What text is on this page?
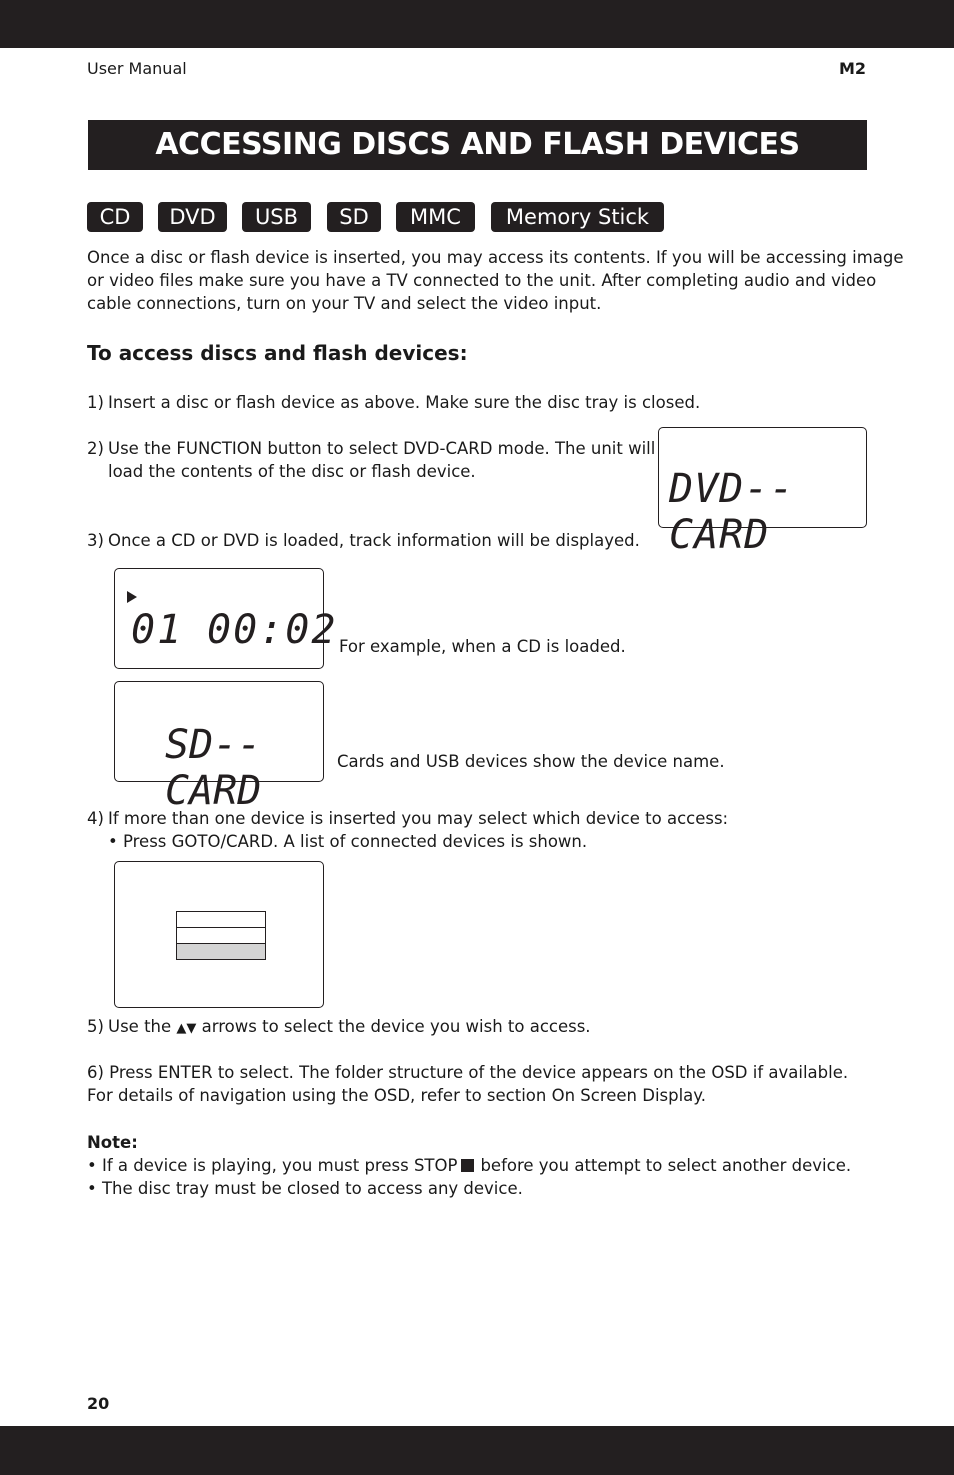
User Manual	M2
ACCESSING DISCS AND FLASH DEVICES
CD	DVD	USB	SD	MMC	Memory Stick
Once a disc or flash device is inserted, you may access its contents. If you will be accessing image
or video files make sure you have a TV connected to the unit. After completing audio and video
cable connections, turn on your TV and select the video input.
To access discs and flash devices:
1) Insert a disc or flash device as above. Make sure the disc tray is closed.
2) Use the FUNCTION button to select DVD-CARD mode. The unit will
load the contents of the disc or flash device.	DVD--CARD
3) Once a CD or DVD is loaded, track information will be displayed.
01 00:02 For example, when a CD is loaded.
SD--CARD
Cards and USB devices show the device name.
4) If more than one device is inserted you may select which device to access:
• Press GOTO/CARD. A list of connected devices is shown.
5) Use the ▲▼ arrows to select the device you wish to access.
6) Press ENTER to select. The folder structure of the device appears on the OSD if available.
For details of navigation using the OSD, refer to section On Screen Display.
Note:
• If a device is playing, you must press STOP before you attempt to select another device.
• The disc tray must be closed to access any device.
20
